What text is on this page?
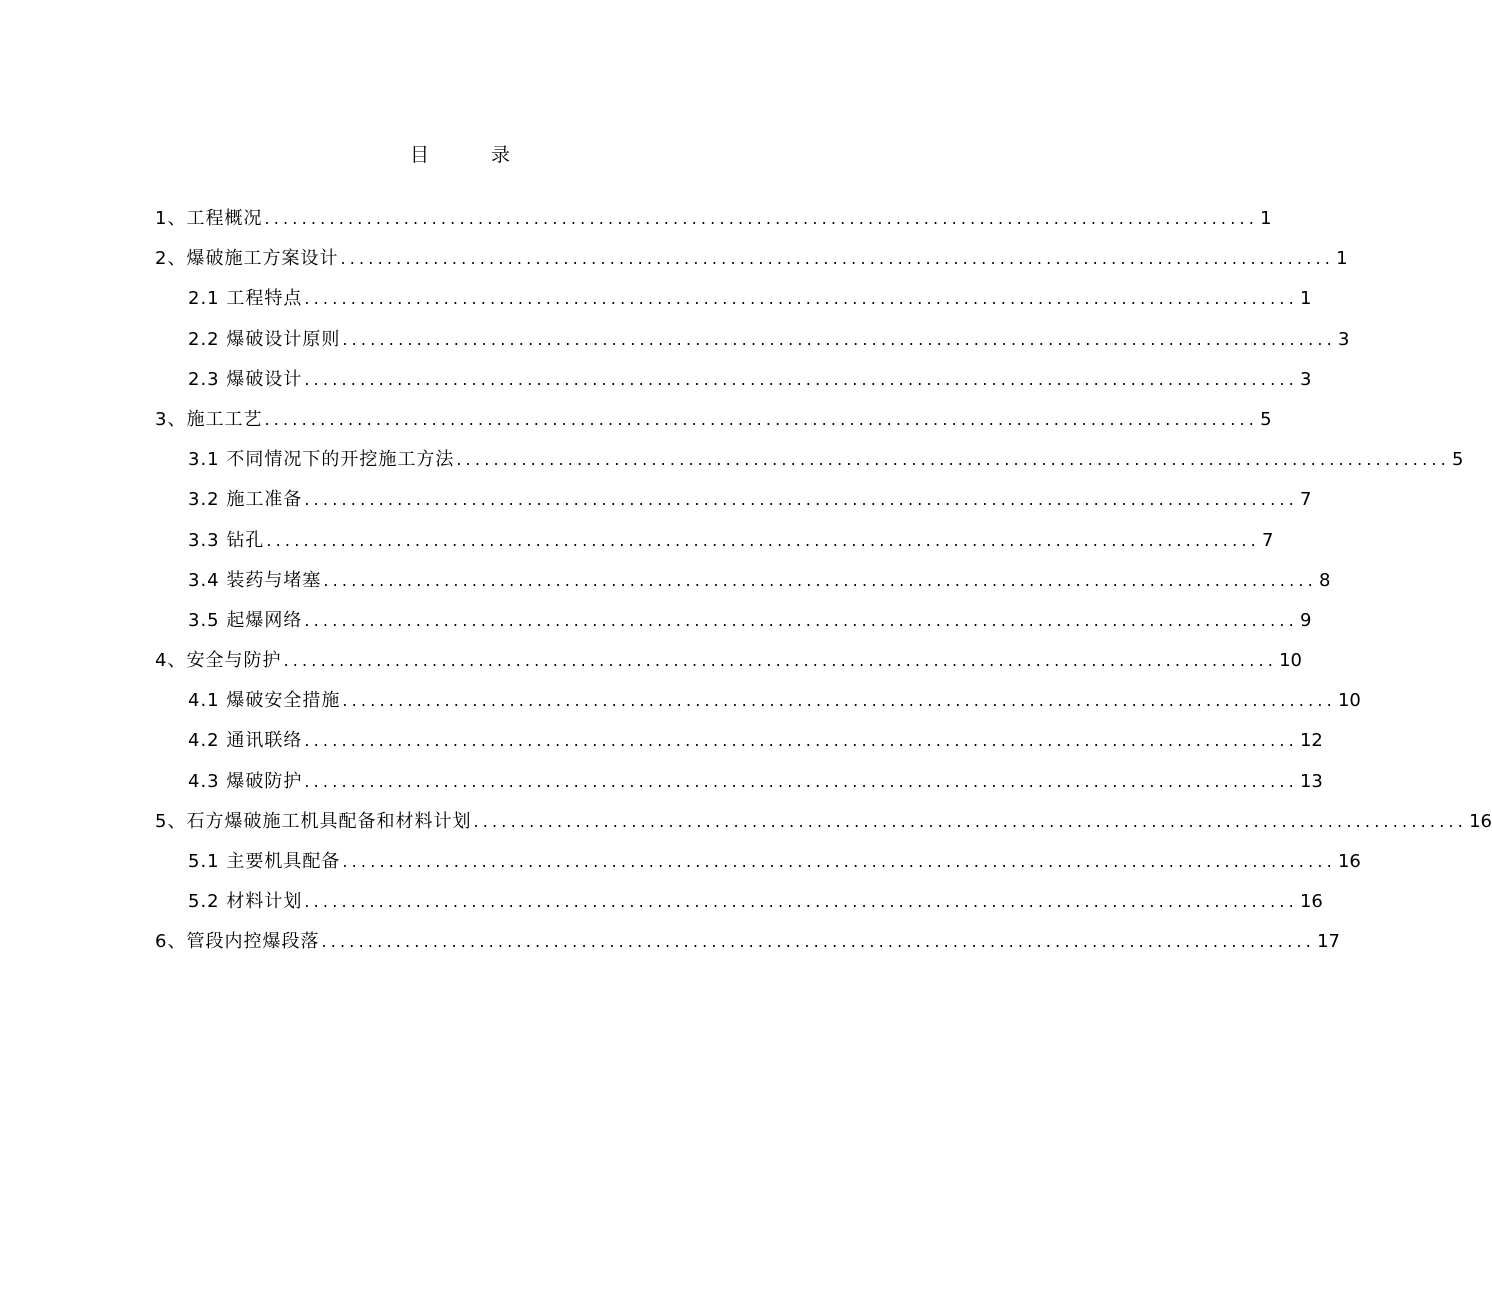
目	录
1、工程概况 ........................................................................................................... 1
2、爆破施工方案设计 ........................................................................................................... 1
2.1 工程特点 ........................................................................................................... 1
2.2 爆破设计原则 ........................................................................................................... 3
2.3 爆破设计 ........................................................................................................... 3
3、施工工艺 ........................................................................................................... 5
3.1 不同情况下的开挖施工方法 ........................................................................................................... 5
3.2 施工准备 ........................................................................................................... 7
3.3 钻孔 ........................................................................................................... 7
3.4 装药与堵塞 ........................................................................................................... 8
3.5 起爆网络 ........................................................................................................... 9
4、安全与防护 ........................................................................................................... 10
4.1 爆破安全措施 ........................................................................................................... 10
4.2 通讯联络 ........................................................................................................... 12
4.3 爆破防护 ........................................................................................................... 13
5、石方爆破施工机具配备和材料计划 ........................................................................................................... 16
5.1 主要机具配备 ........................................................................................................... 16
5.2 材料计划 ........................................................................................................... 16
6、管段内控爆段落 ........................................................................................................... 17
